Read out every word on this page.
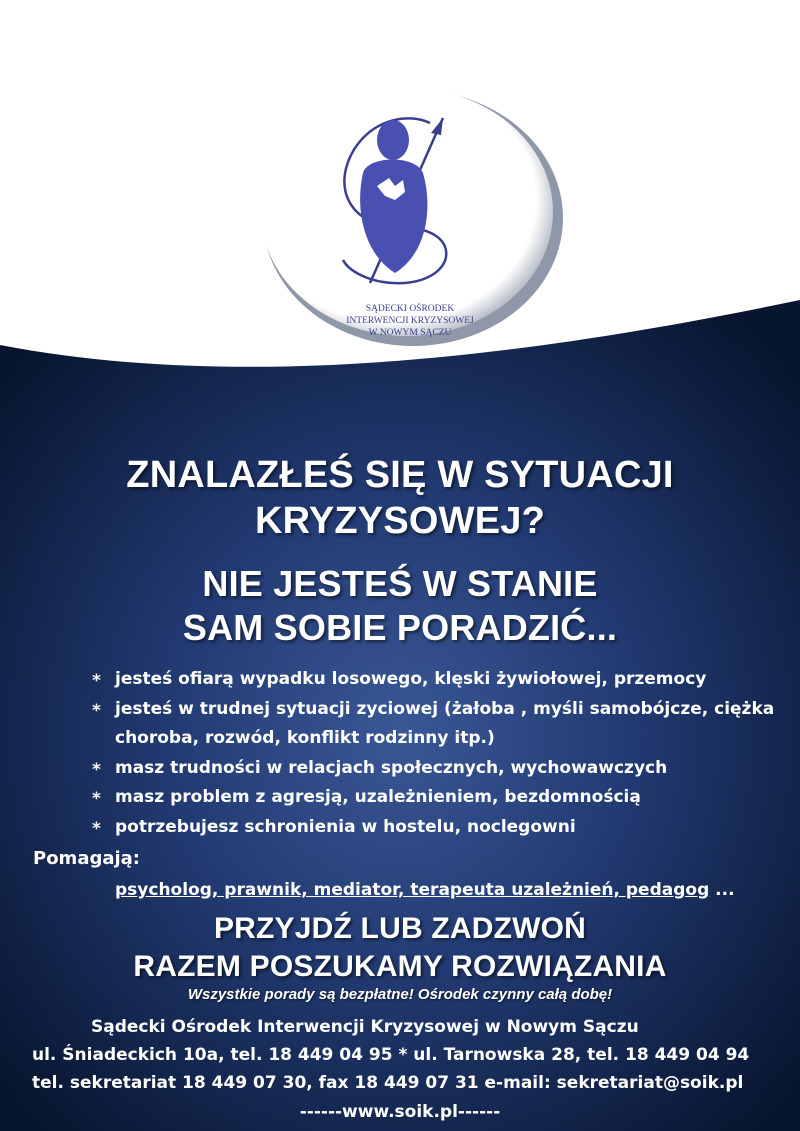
SĄDECKI OŚRODEK
INTERWENCJI KRYZYSOWEJ
W NOWYM SĄCZU
ZNALAZŁEŚ SIĘ W SYTUACJI
KRYZYSOWEJ?
NIE JESTEŚ W STANIE
SAM SOBIE PORADZIĆ...
* jesteś ofiarą wypadku losowego, klęski żywiołowej, przemocy
* jesteś w trudnej sytuacji zyciowej (żałoba , myśli samobójcze, ciężka choroba, rozwód, konflikt rodzinny itp.)
* masz trudności w relacjach społecznych, wychowawczych
* masz problem z agresją, uzależnieniem, bezdomnością
* potrzebujesz schronienia w hostelu, noclegowni
Pomagają:
psycholog, prawnik, mediator, terapeuta uzależnień, pedagog ...
PRZYJDŹ LUB ZADZWOŃ
RAZEM POSZUKAMY ROZWIĄZANIA
Wszystkie porady są bezpłatne! Ośrodek czynny całą dobę!
Sądecki Ośrodek Interwencji Kryzysowej w Nowym Sączu
ul. Śniadeckich 10a, tel. 18 449 04 95 * ul. Tarnowska 28, tel. 18 449 04 94
tel. sekretariat 18 449 07 30, fax 18 449 07 31 e-mail: sekretariat@soik.pl
------www.soik.pl------
